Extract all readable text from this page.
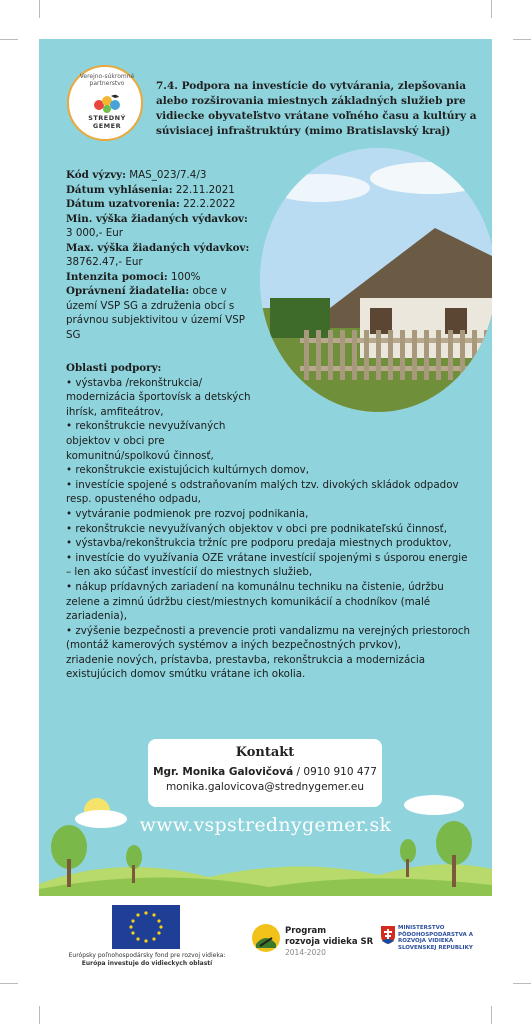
Verejno-súkromné partnerstvo
STREDNÝ GEMER
7.4. Podpora na investície do vytvárania, zlepšovania alebo rozširovania miestnych základných služieb pre vidiecke obyvateľstvo vrátane voľného času a kultúry a súvisiacej infraštruktúry (mimo Bratislavský kraj)
Kód výzvy: MAS_023/7.4/3
Dátum vyhlásenia: 22.11.2021
Dátum uzatvorenia: 22.2.2022
Min. výška žiadaných výdavkov:
3 000,- Eur
Max. výška žiadaných výdavkov: 38762.47,- Eur
Intenzita pomoci: 100%
Oprávnení žiadatelia: obce v území VSP SG a združenia obcí s právnou subjektivitou v území VSP SG
Oblasti podpory:
• výstavba /rekonštrukcia/ modernizácia športovísk a detských ihrísk, amfiteátrov,
• rekonštrukcie nevyužívaných objektov v obci pre komunitnú/spolkovú činnosť,
• rekonštrukcie existujúcich kultúrnych domov,
• investície spojené s odstraňovaním malých tzv. divokých skládok odpadov resp. opusteného odpadu,
• vytváranie podmienok pre rozvoj podnikania,
• rekonštrukcie nevyužívaných objektov v obci pre podnikateľskú činnosť,
• výstavba/rekonštrukcia tržníc pre podporu predaja miestnych produktov,
• investície do využívania OZE vrátane investícií spojenými s úsporou energie – len ako súčasť investícií do miestnych služieb,
• nákup prídavných zariadení na komunálnu techniku na čistenie, údržbu zelene a zimnú údržbu ciest/miestnych komunikácií a chodníkov (malé zariadenia),
• zvýšenie bezpečnosti a prevencie proti vandalizmu na verejných priestoroch (montáž kamerových systémov a iných bezpečnostných prvkov),
zriadenie nových, prístavba, prestavba, rekonštrukcia a modernizácia existujúcich domov smútku vrátane ich okolia.
Kontakt
Mgr. Monika Galovičová / 0910 910 477
monika.galovicova@strednygemer.eu
www.vspstrednygemer.sk
Európsky poľnohospodársky fond pre rozvoj vidieka:
Európa investuje do vidieckych oblastí
Program
rozvoja vidieka SR
2014-2020
MINISTERSTVO PÔDOHOSPODÁRSTVA A ROZVOJA VIDIEKA SLOVENSKEJ REPUBLIKY
